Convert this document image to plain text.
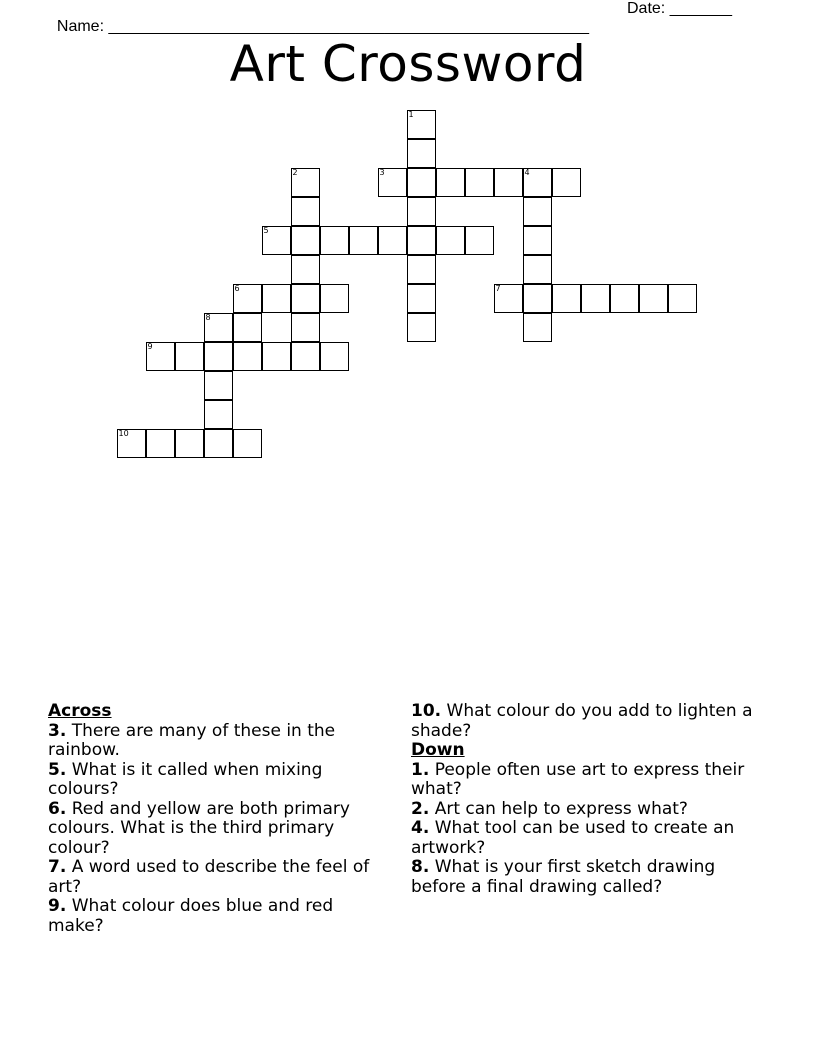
Name: ______________________________________________________

Date: _______

Art Crossword
1
2	3	4
5
6	7
8
9
10

Across

3. There are many of these in the rainbow.

5. What is it called when mixing colours?

6. Red and yellow are both primary colours. What is the third primary colour?

7. A word used to describe the feel of art?

9. What colour does blue and red make?

10. What colour do you add to lighten a shade?

Down

1. People often use art to express their what?

2. Art can help to express what?

4. What tool can be used to create an artwork?

8. What is your first sketch drawing before a final drawing called?
